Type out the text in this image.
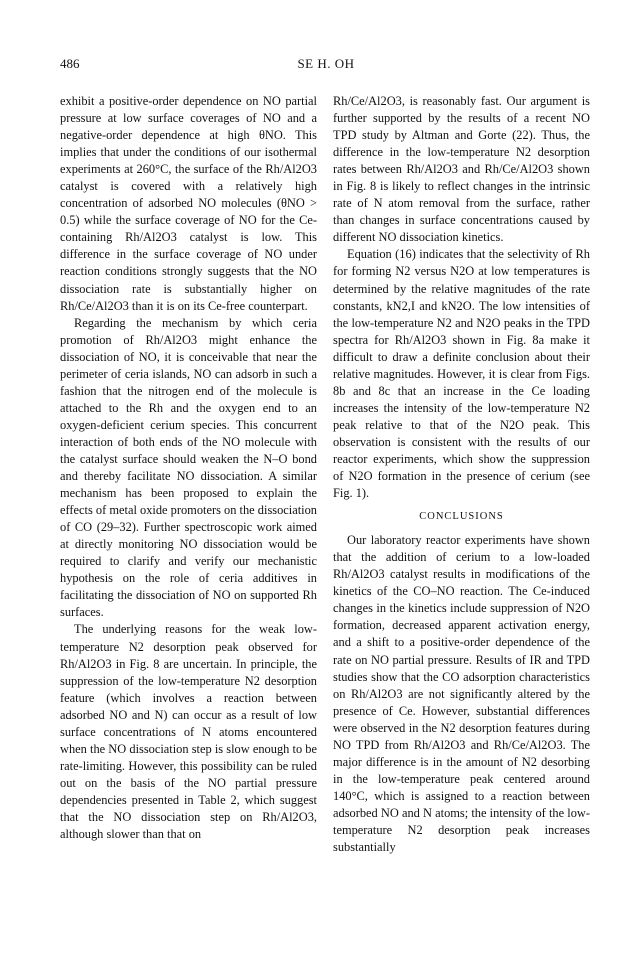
486	SE H. OH

exhibit a positive-order dependence on NO partial pressure at low surface coverages of NO and a negative-order dependence at high θNO. This implies that under the conditions of our isothermal experiments at 260°C, the surface of the Rh/Al2O3 catalyst is covered with a relatively high concentration of adsorbed NO molecules (θNO > 0.5) while the surface coverage of NO for the Ce-containing Rh/Al2O3 catalyst is low. This difference in the surface coverage of NO under reaction conditions strongly suggests that the NO dissociation rate is substantially higher on Rh/Ce/Al2O3 than it is on its Ce-free counterpart.

Regarding the mechanism by which ceria promotion of Rh/Al2O3 might enhance the dissociation of NO, it is conceivable that near the perimeter of ceria islands, NO can adsorb in such a fashion that the nitrogen end of the molecule is attached to the Rh and the oxygen end to an oxygen-deficient cerium species. This concurrent interaction of both ends of the NO molecule with the catalyst surface should weaken the N–O bond and thereby facilitate NO dissociation. A similar mechanism has been proposed to explain the effects of metal oxide promoters on the dissociation of CO (29–32). Further spectroscopic work aimed at directly monitoring NO dissociation would be required to clarify and verify our mechanistic hypothesis on the role of ceria additives in facilitating the dissociation of NO on supported Rh surfaces.

The underlying reasons for the weak low-temperature N2 desorption peak observed for Rh/Al2O3 in Fig. 8 are uncertain. In principle, the suppression of the low-temperature N2 desorption feature (which involves a reaction between adsorbed NO and N) can occur as a result of low surface concentrations of N atoms encountered when the NO dissociation step is slow enough to be rate-limiting. However, this possibility can be ruled out on the basis of the NO partial pressure dependencies presented in Table 2, which suggest that the NO dissociation step on Rh/Al2O3, although slower than that on

Rh/Ce/Al2O3, is reasonably fast. Our argument is further supported by the results of a recent NO TPD study by Altman and Gorte (22). Thus, the difference in the low-temperature N2 desorption rates between Rh/Al2O3 and Rh/Ce/Al2O3 shown in Fig. 8 is likely to reflect changes in the intrinsic rate of N atom removal from the surface, rather than changes in surface concentrations caused by different NO dissociation kinetics.

Equation (16) indicates that the selectivity of Rh for forming N2 versus N2O at low temperatures is determined by the relative magnitudes of the rate constants, kN2,I and kN2O. The low intensities of the low-temperature N2 and N2O peaks in the TPD spectra for Rh/Al2O3 shown in Fig. 8a make it difficult to draw a definite conclusion about their relative magnitudes. However, it is clear from Figs. 8b and 8c that an increase in the Ce loading increases the intensity of the low-temperature N2 peak relative to that of the N2O peak. This observation is consistent with the results of our reactor experiments, which show the suppression of N2O formation in the presence of cerium (see Fig. 1).

CONCLUSIONS

Our laboratory reactor experiments have shown that the addition of cerium to a low-loaded Rh/Al2O3 catalyst results in modifications of the kinetics of the CO–NO reaction. The Ce-induced changes in the kinetics include suppression of N2O formation, decreased apparent activation energy, and a shift to a positive-order dependence of the rate on NO partial pressure. Results of IR and TPD studies show that the CO adsorption characteristics on Rh/Al2O3 are not significantly altered by the presence of Ce. However, substantial differences were observed in the N2 desorption features during NO TPD from Rh/Al2O3 and Rh/Ce/Al2O3. The major difference is in the amount of N2 desorbing in the low-temperature peak centered around 140°C, which is assigned to a reaction between adsorbed NO and N atoms; the intensity of the low-temperature N2 desorption peak increases substantially
